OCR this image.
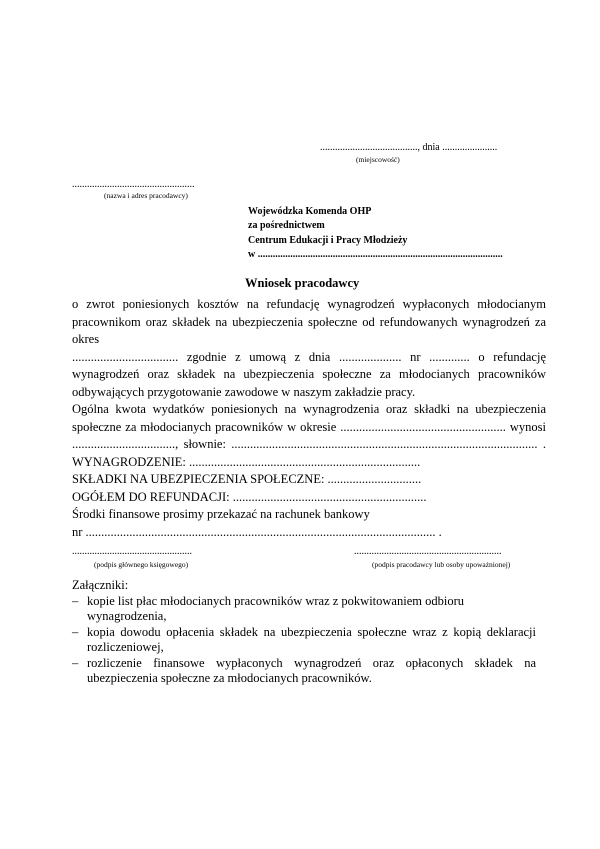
......................................., dnia ......................
(miejscowość)
.................................................
(nazwa i adres pracodawcy)
Wojewódzka Komenda OHP
za pośrednictwem
Centrum Edukacji i Pracy Młodzieży
w ..................................................................................................
Wniosek pracodawcy
o zwrot poniesionych kosztów na refundację wynagrodzeń wypłaconych młodocianym
pracownikom oraz składek na ubezpieczenia społeczne od refundowanych wynagrodzeń za okres
.................................. zgodnie z umową z dnia .................... nr ............. o refundację
wynagrodzeń oraz składek na ubezpieczenia społeczne za młodocianych pracowników
odbywających przygotowanie zawodowe w naszym zakładzie pracy.
Ogólna kwota wydatków poniesionych na wynagrodzenia oraz składki na ubezpieczenia
społeczne za młodocianych pracowników w okresie ..................................................... wynosi
................................., słownie: .................................................................................................. .
WYNAGRODZENIE: ..........................................................................
SKŁADKI NA UBEZPIECZENIA SPOŁECZNE: ..............................
OGÓŁEM DO REFUNDACJI: ..............................................................
Środki finansowe prosimy przekazać na rachunek bankowy
nr ................................................................................................................ .
................................................
(podpis głównego księgowego)
...........................................................
(podpis pracodawcy lub osoby upoważnionej)
Załączniki:
– kopie list płac młodocianych pracowników wraz z pokwitowaniem odbioru wynagrodzenia,
– kopia dowodu opłacenia składek na ubezpieczenia społeczne wraz z kopią deklaracji rozliczeniowej,
– rozliczenie finansowe wypłaconych wynagrodzeń oraz opłaconych składek na ubezpieczenia społeczne za młodocianych pracowników.
